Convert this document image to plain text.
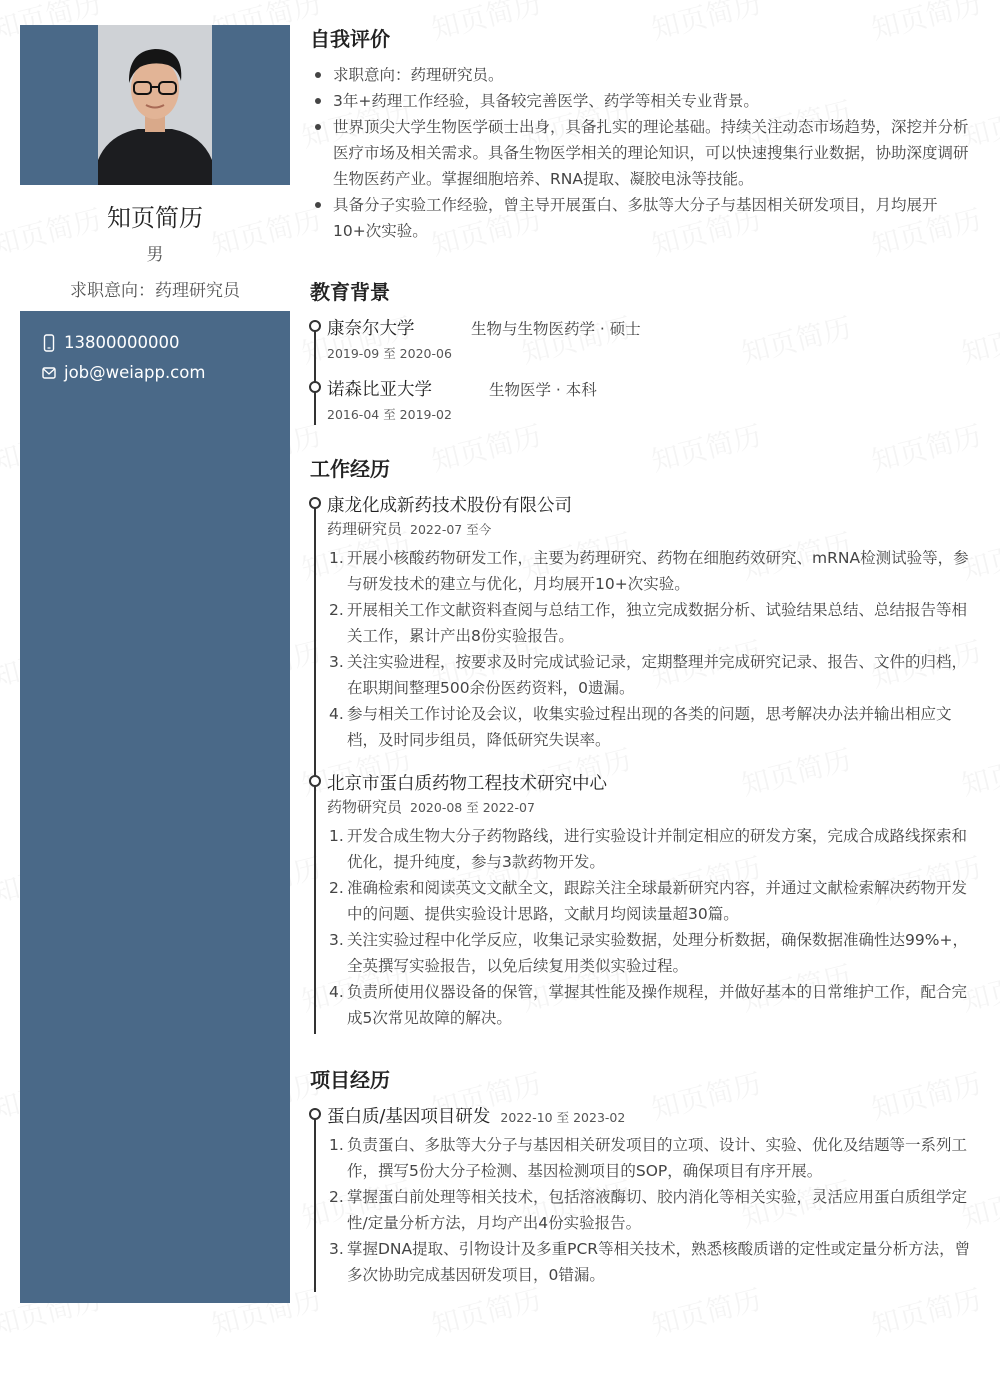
知页简历
男
求职意向：药理研究员
13800000000
job@weiapp.com
自我评价
求职意向：药理研究员。
3年+药理工作经验，具备较完善医学、药学等相关专业背景。
世界顶尖大学生物医学硕士出身，具备扎实的理论基础。持续关注动态市场趋势，深挖并分析医疗市场及相关需求。具备生物医学相关的理论知识，可以快速搜集行业数据，协助深度调研生物医药产业。掌握细胞培养、RNA提取、凝胶电泳等技能。
具备分子实验工作经验，曾主导开展蛋白、多肽等大分子与基因相关研发项目，月均展开10+次实验。
教育背景
康奈尔大学	生物与生物医药学 · 硕士
2019-09 至 2020-06
诺森比亚大学	生物医学 · 本科
2016-04 至 2019-02
工作经历
康龙化成新药技术股份有限公司
药理研究员 2022-07 至今
1. 开展小核酸药物研发工作，主要为药理研究、药物在细胞药效研究、mRNA检测试验等，参与研发技术的建立与优化，月均展开10+次实验。
2. 开展相关工作文献资料查阅与总结工作，独立完成数据分析、试验结果总结、总结报告等相关工作，累计产出8份实验报告。
3. 关注实验进程，按要求及时完成试验记录，定期整理并完成研究记录、报告、文件的归档，在职期间整理500余份医药资料，0遗漏。
4. 参与相关工作讨论及会议，收集实验过程出现的各类的问题，思考解决办法并输出相应文档，及时同步组员，降低研究失误率。
北京市蛋白质药物工程技术研究中心
药物研究员 2020-08 至 2022-07
1. 开发合成生物大分子药物路线，进行实验设计并制定相应的研发方案，完成合成路线探索和优化，提升纯度，参与3款药物开发。
2. 准确检索和阅读英文文献全文，跟踪关注全球最新研究内容，并通过文献检索解决药物开发中的问题、提供实验设计思路，文献月均阅读量超30篇。
3. 关注实验过程中化学反应，收集记录实验数据，处理分析数据，确保数据准确性达99%+，全英撰写实验报告，以免后续复用类似实验过程。
4. 负责所使用仪器设备的保管，掌握其性能及操作规程，并做好基本的日常维护工作，配合完成5次常见故障的解决。
项目经历
蛋白质/基因项目研发 2022-10 至 2023-02
1. 负责蛋白、多肽等大分子与基因相关研发项目的立项、设计、实验、优化及结题等一系列工作，撰写5份大分子检测、基因检测项目的SOP，确保项目有序开展。
2. 掌握蛋白前处理等相关技术，包括溶液酶切、胶内消化等相关实验，灵活应用蛋白质组学定性/定量分析方法，月均产出4份实验报告。
3. 掌握DNA提取、引物设计及多重PCR等相关技术，熟悉核酸质谱的定性或定量分析方法，曾多次协助完成基因研发项目，0错漏。
